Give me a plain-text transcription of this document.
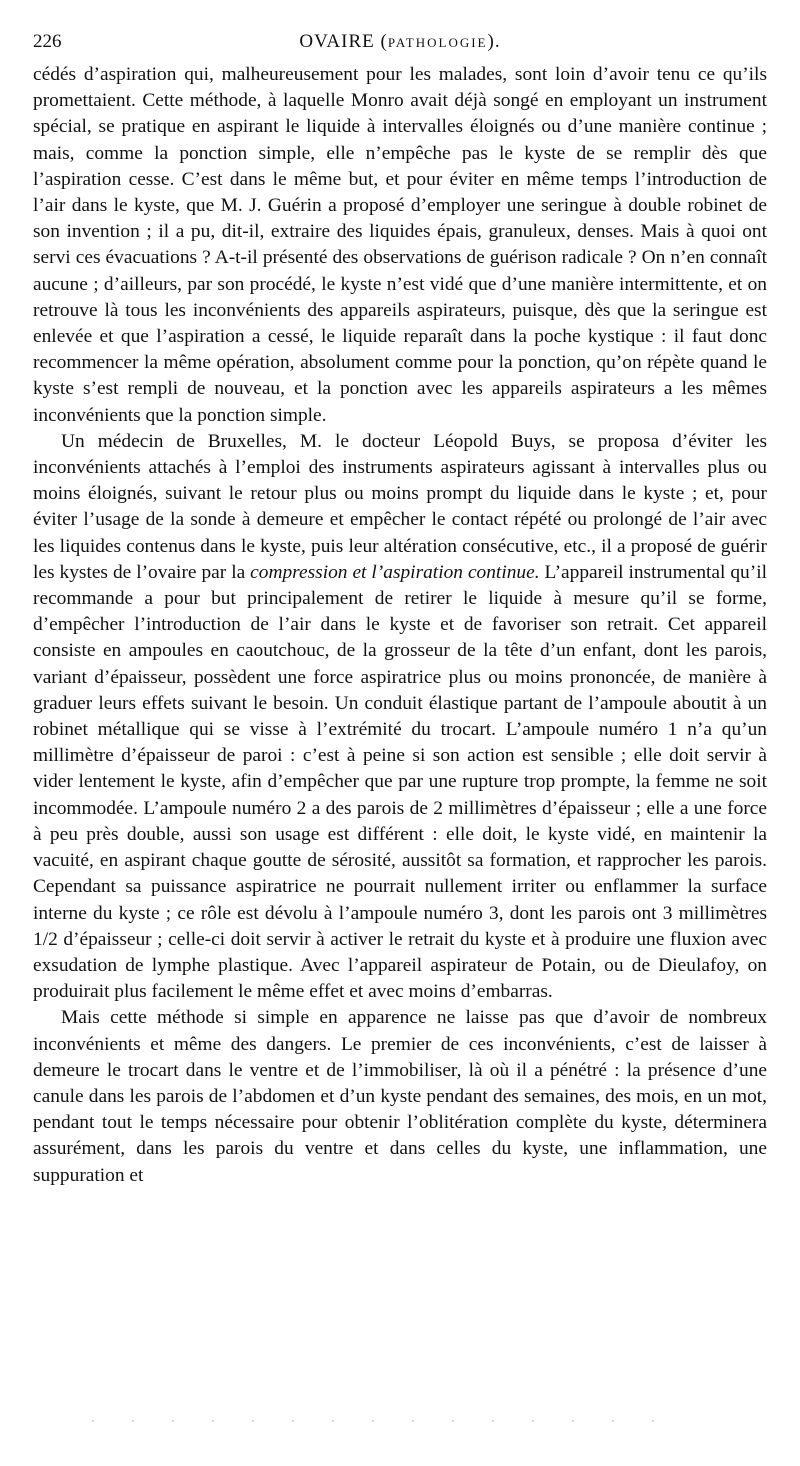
226	OVAIRE (PATHOLOGIE).

cédés d’aspiration qui, malheureusement pour les malades, sont loin d’avoir tenu ce qu’ils promettaient. Cette méthode, à laquelle Monro avait déjà songé en employant un instrument spécial, se pratique en aspirant le liquide à intervalles éloignés ou d’une manière continue ; mais, comme la ponction simple, elle n’empêche pas le kyste de se remplir dès que l’aspiration cesse. C’est dans le même but, et pour éviter en même temps l’introduction de l’air dans le kyste, que M. J. Guérin a proposé d’employer une seringue à double robinet de son invention ; il a pu, dit-il, extraire des liquides épais, granuleux, denses. Mais à quoi ont servi ces évacuations ? A-t-il présenté des observations de guérison radicale ? On n’en connaît aucune ; d’ailleurs, par son procédé, le kyste n’est vidé que d’une manière intermittente, et on retrouve là tous les inconvénients des appareils aspirateurs, puisque, dès que la seringue est enlevée et que l’aspiration a cessé, le liquide reparaît dans la poche kystique : il faut donc recommencer la même opération, absolument comme pour la ponction, qu’on répète quand le kyste s’est rempli de nouveau, et la ponction avec les appareils aspirateurs a les mêmes inconvénients que la ponction simple.

Un médecin de Bruxelles, M. le docteur Léopold Buys, se proposa d’éviter les inconvénients attachés à l’emploi des instruments aspirateurs agissant à intervalles plus ou moins éloignés, suivant le retour plus ou moins prompt du liquide dans le kyste ; et, pour éviter l’usage de la sonde à demeure et empêcher le contact répété ou prolongé de l’air avec les liquides contenus dans le kyste, puis leur altération consécutive, etc., il a proposé de guérir les kystes de l’ovaire par la compression et l’aspiration continue. L’appareil instrumental qu’il recommande a pour but principalement de retirer le liquide à mesure qu’il se forme, d’empêcher l’introduction de l’air dans le kyste et de favoriser son retrait. Cet appareil consiste en ampoules en caoutchouc, de la grosseur de la tête d’un enfant, dont les parois, variant d’épaisseur, possèdent une force aspiratrice plus ou moins prononcée, de manière à graduer leurs effets suivant le besoin. Un conduit élastique partant de l’ampoule aboutit à un robinet métallique qui se visse à l’extrémité du trocart. L’ampoule numéro 1 n’a qu’un millimètre d’épaisseur de paroi : c’est à peine si son action est sensible ; elle doit servir à vider lentement le kyste, afin d’empêcher que par une rupture trop prompte, la femme ne soit incommodée. L’ampoule numéro 2 a des parois de 2 millimètres d’épaisseur ; elle a une force à peu près double, aussi son usage est différent : elle doit, le kyste vidé, en maintenir la vacuité, en aspirant chaque goutte de sérosité, aussitôt sa formation, et rapprocher les parois. Cependant sa puissance aspiratrice ne pourrait nullement irriter ou enflammer la surface interne du kyste ; ce rôle est dévolu à l’ampoule numéro 3, dont les parois ont 3 millimètres 1/2 d’épaisseur ; celle-ci doit servir à activer le retrait du kyste et à produire une fluxion avec exsudation de lymphe plastique. Avec l’appareil aspirateur de Potain, ou de Dieulafoy, on produirait plus facilement le même effet et avec moins d’embarras.

Mais cette méthode si simple en apparence ne laisse pas que d’avoir de nombreux inconvénients et même des dangers. Le premier de ces inconvénients, c’est de laisser à demeure le trocart dans le ventre et de l’immobiliser, là où il a pénétré : la présence d’une canule dans les parois de l’abdomen et d’un kyste pendant des semaines, des mois, en un mot, pendant tout le temps nécessaire pour obtenir l’oblitération complète du kyste, déterminera assurément, dans les parois du ventre et dans celles du kyste, une inflammation, une suppuration et
